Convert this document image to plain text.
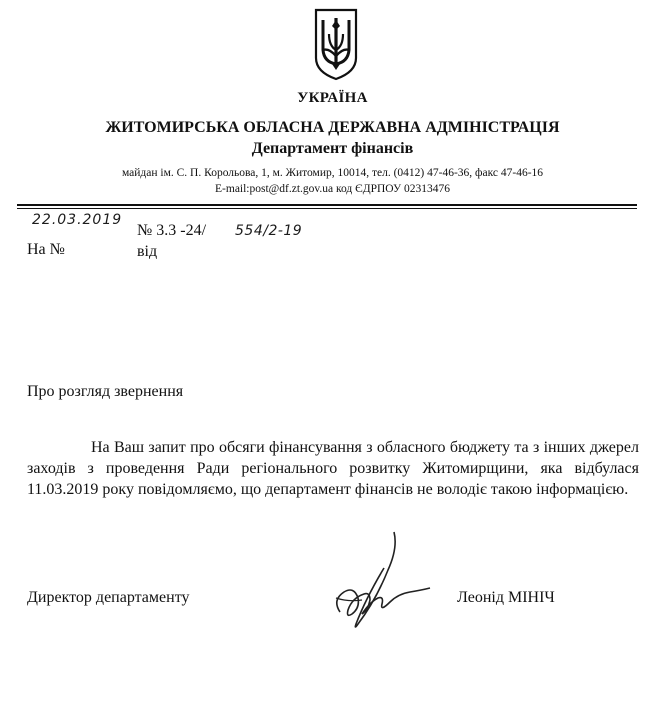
УКРАЇНА
ЖИТОМИРСЬКА ОБЛАСНА ДЕРЖАВНА АДМІНІСТРАЦІЯ
Департамент фінансів
майдан ім. С. П. Корольова, 1, м. Житомир, 10014, тел. (0412) 47-46-36, факс 47-46-16
E-mail:post@df.zt.gov.ua код ЄДРПОУ 02313476
22.03.2019
№ 3.3 -24/ 554/2-19
На №	від
Про розгляд звернення
На Ваш запит про обсяги фінансування з обласного бюджету та з інших джерел заходів з проведення Ради регіонального розвитку Житомирщини, яка відбулася 11.03.2019 року повідомляємо, що департамент фінансів не володіє такою інформацією.
Директор департаменту	Леонід МІНІЧ
